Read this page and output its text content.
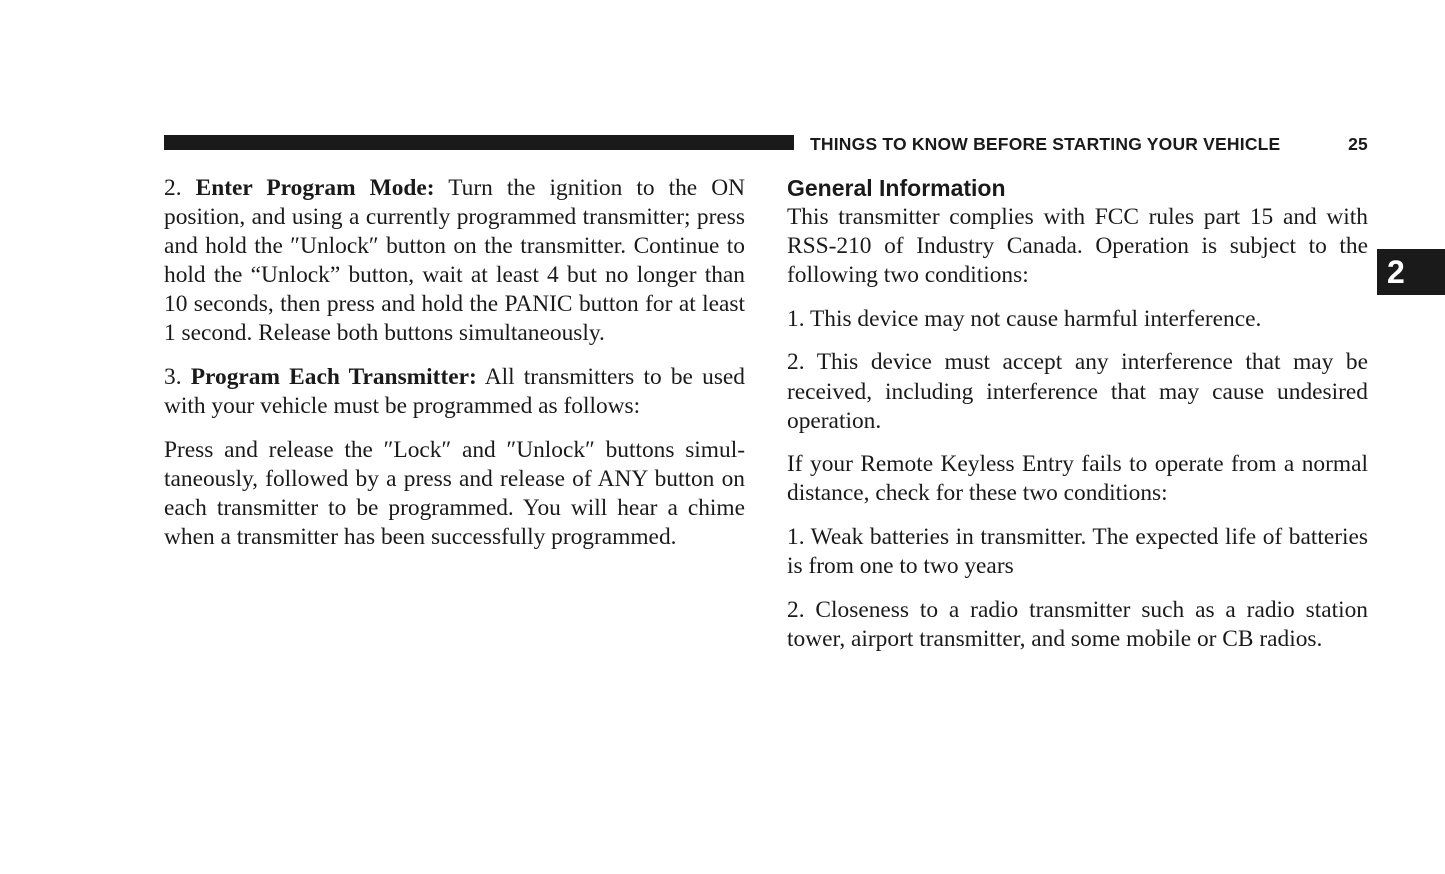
THINGS TO KNOW BEFORE STARTING YOUR VEHICLE	25
2

2. Enter Program Mode: Turn the ignition to the ON position, and using a currently programmed transmitter; press and hold the ″Unlock″ button on the transmitter. Continue to hold the “Unlock” button, wait at least 4 but no longer than 10 seconds, then press and hold the PANIC button for at least 1 second. Release both buttons simultaneously.

3. Program Each Transmitter: All transmitters to be used with your vehicle must be programmed as follows:

Press and release the ″Lock″ and ″Unlock″ buttons simultaneously, followed by a press and release of ANY button on each transmitter to be programmed. You will hear a chime when a transmitter has been successfully programmed.

General Information

This transmitter complies with FCC rules part 15 and with RSS-210 of Industry Canada. Operation is subject to the following two conditions:

1. This device may not cause harmful interference.

2. This device must accept any interference that may be received, including interference that may cause undesired operation.

If your Remote Keyless Entry fails to operate from a normal distance, check for these two conditions:

1. Weak batteries in transmitter. The expected life of batteries is from one to two years

2. Closeness to a radio transmitter such as a radio station tower, airport transmitter, and some mobile or CB radios.
